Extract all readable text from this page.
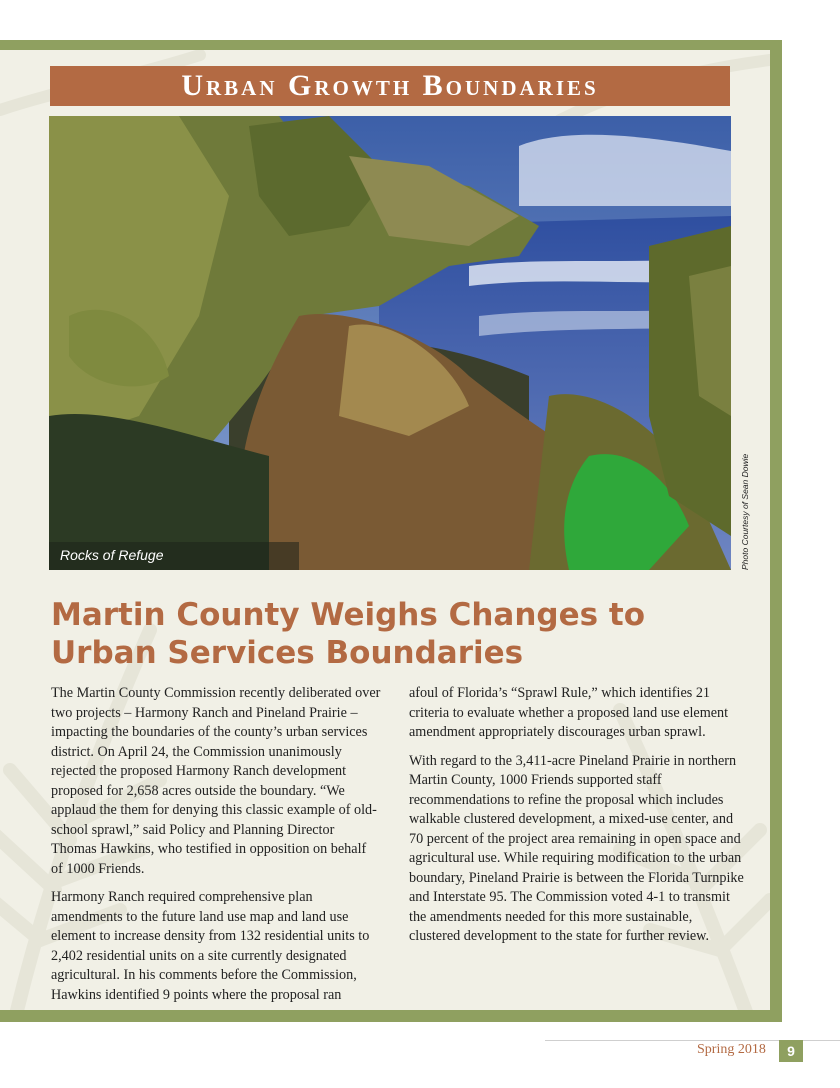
Urban Growth Boundaries
Rocks of Refuge	Photo Courtesy of Sean Dowie
Martin County Weighs Changes to
Urban Services Boundaries

The Martin County Commission recently deliberated over two projects – Harmony Ranch and Pineland Prairie – impacting the boundaries of the county’s urban services district. On April 24, the Commission unanimously rejected the proposed Harmony Ranch development proposed for 2,658 acres outside the boundary. “We applaud the them for denying this classic example of old-school sprawl,” said Policy and Planning Director Thomas Hawkins, who testified in opposition on behalf of 1000 Friends.

Harmony Ranch required comprehensive plan amendments to the future land use map and land use element to increase density from 132 residential units to 2,402 residential units on a site currently designated agricultural. In his comments before the Commission, Hawkins identified 9 points where the proposal ran

afoul of Florida’s “Sprawl Rule,” which identifies 21 criteria to evaluate whether a proposed land use element amendment appropriately discourages urban sprawl.

With regard to the 3,411-acre Pineland Prairie in northern Martin County, 1000 Friends supported staff recommendations to refine the proposal which includes walkable clustered development, a mixed-use center, and 70 percent of the project area remaining in open space and agricultural use. While requiring modification to the urban boundary, Pineland Prairie is between the Florida Turnpike and Interstate 95. The Commission voted 4-1 to transmit the amendments needed for this more sustainable, clustered development to the state for further review.

Spring 2018 9
